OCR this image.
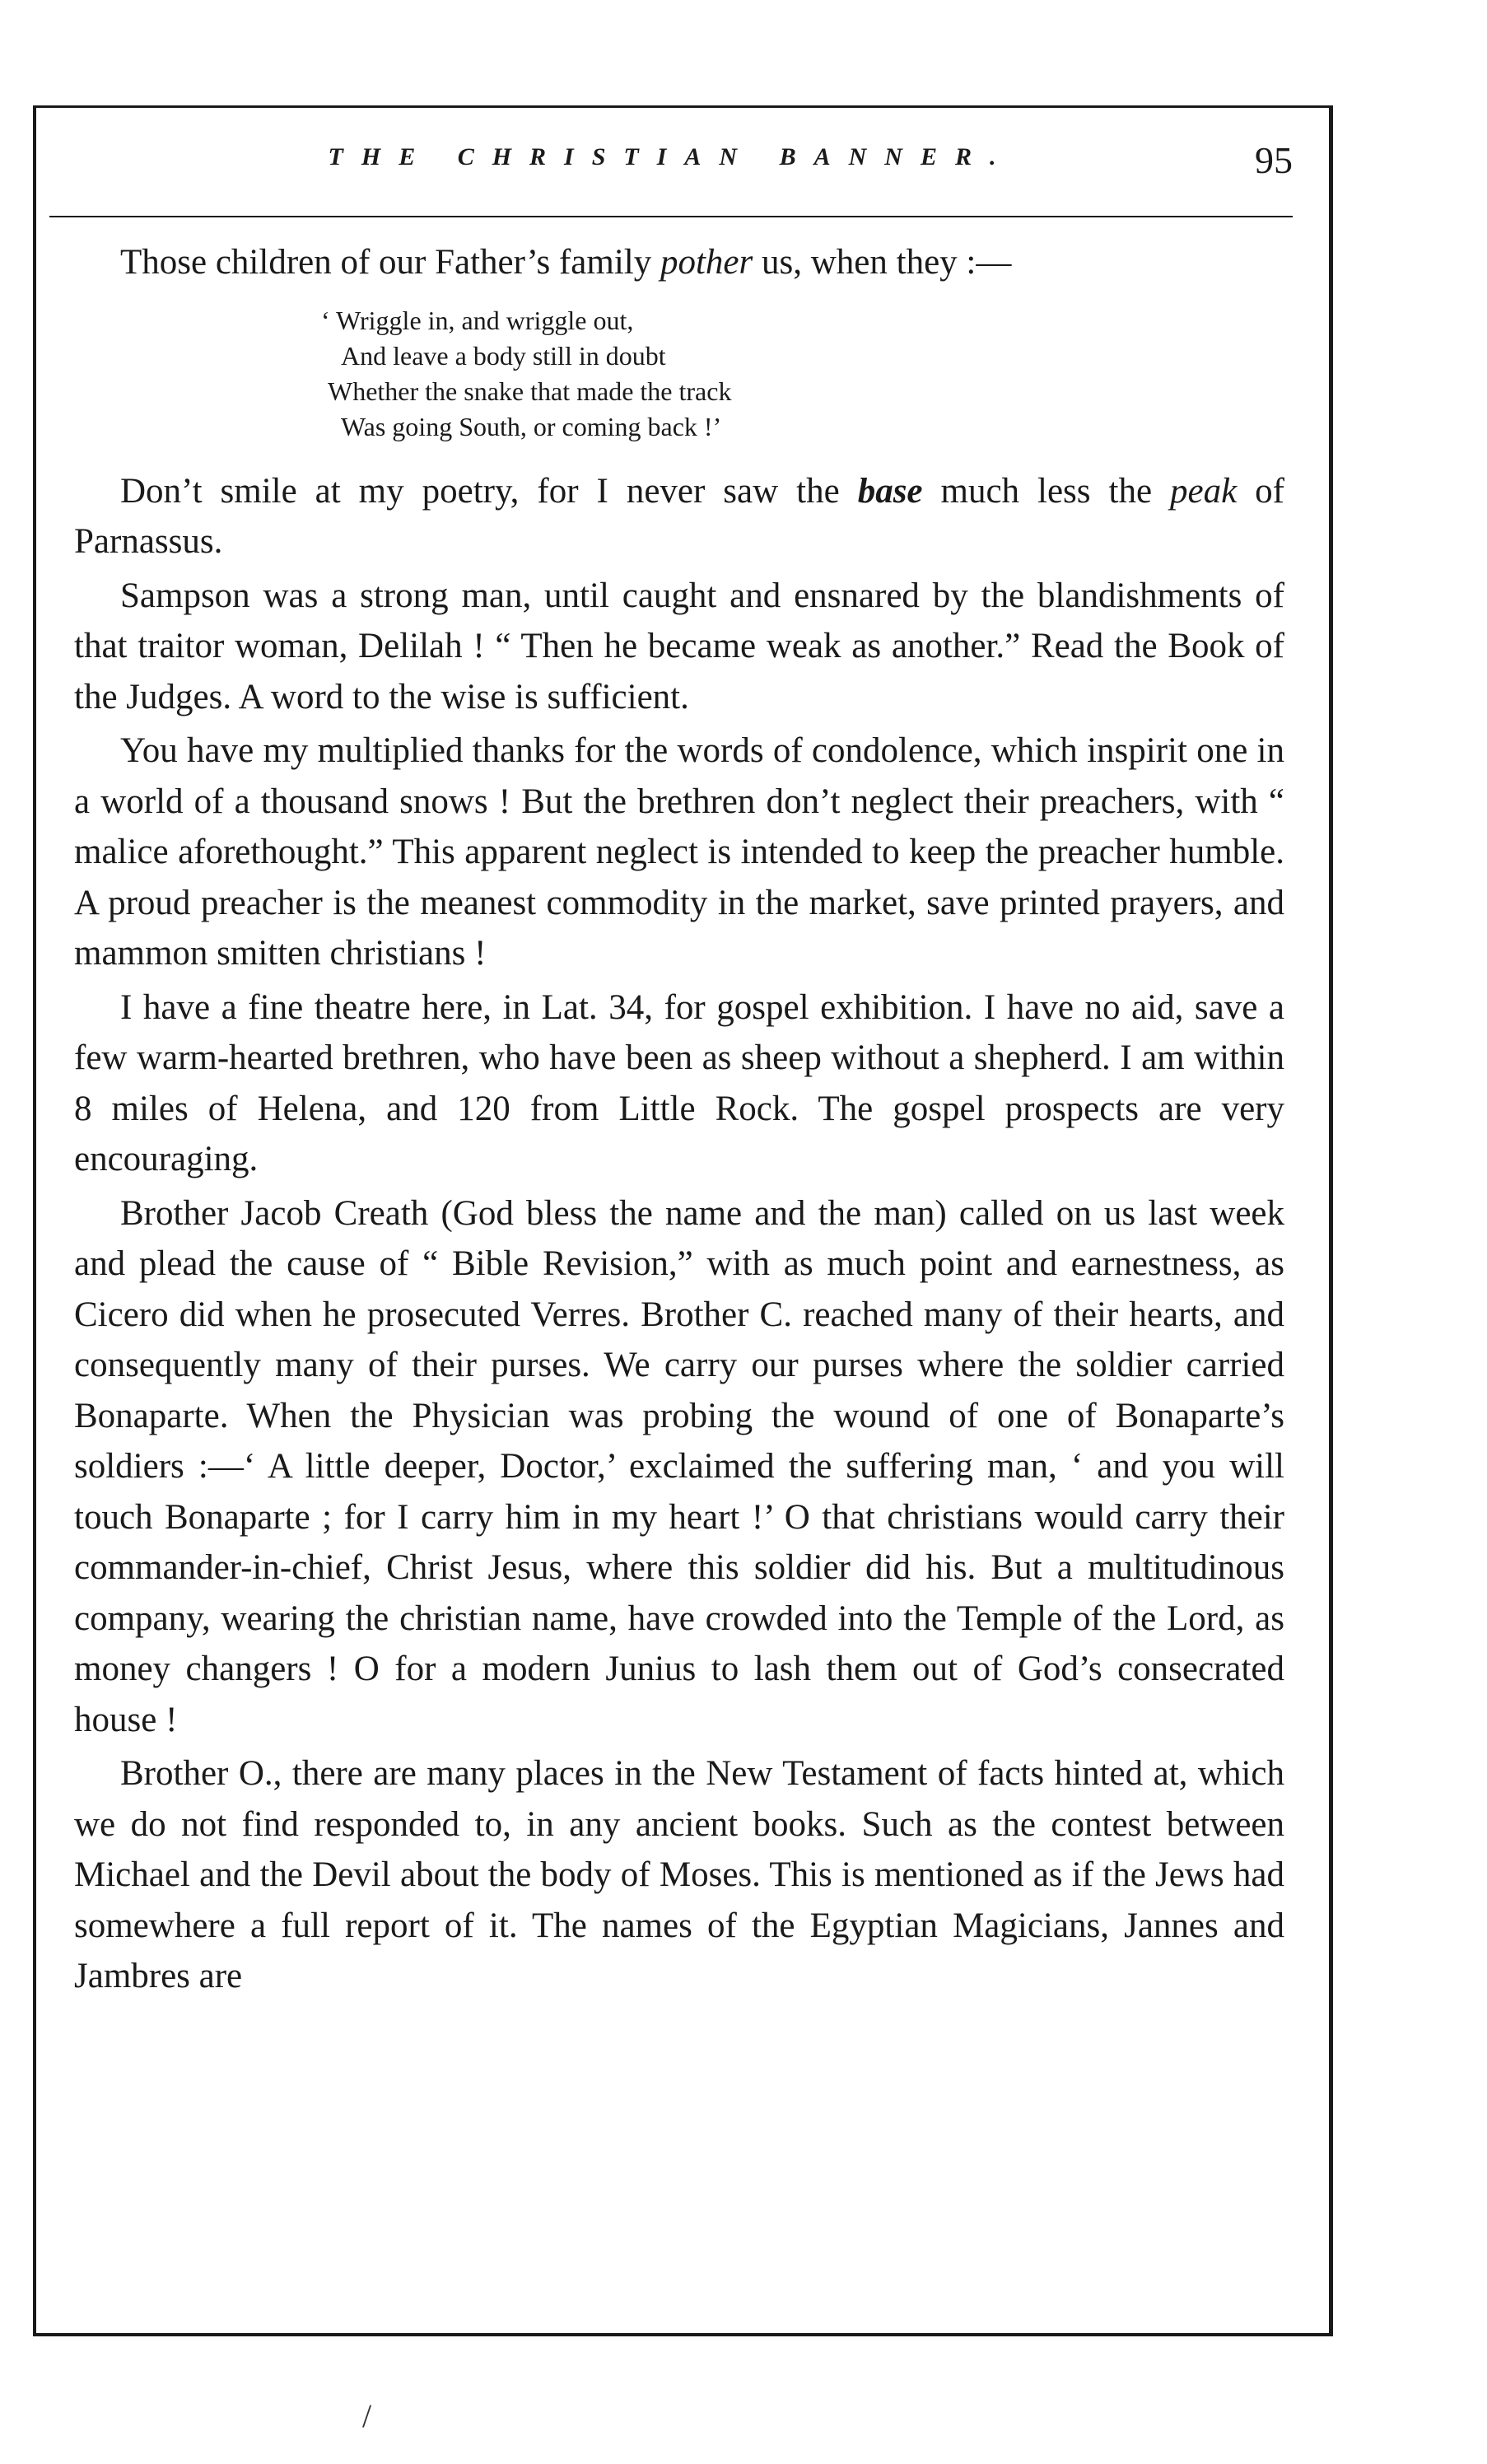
THE CHRISTIAN BANNER.	95

Those children of our Father’s family pother us, when they :—

‘ Wriggle in, and wriggle out,
And leave a body still in doubt
Whether the snake that made the track
Was going South, or coming back !’

Don’t smile at my poetry, for I never saw the base much less the peak of Parnassus.

Sampson was a strong man, until caught and ensnared by the blandishments of that traitor woman, Delilah ! “ Then he became weak as another.” Read the Book of the Judges. A word to the wise is sufficient.

You have my multiplied thanks for the words of condolence, which inspirit one in a world of a thousand snows ! But the brethren don’t neglect their preachers, with “ malice aforethought.” This apparent neglect is intended to keep the preacher humble. A proud preacher is the meanest commodity in the market, save printed prayers, and mammon smitten christians !

I have a fine theatre here, in Lat. 34, for gospel exhibition. I have no aid, save a few warm-hearted brethren, who have been as sheep without a shepherd. I am within 8 miles of Helena, and 120 from Little Rock. The gospel prospects are very encouraging.

Brother Jacob Creath (God bless the name and the man) called on us last week and plead the cause of “ Bible Revision,” with as much point and earnestness, as Cicero did when he prosecuted Verres. Brother C. reached many of their hearts, and consequently many of their purses. We carry our purses where the soldier carried Bonaparte. When the Physician was probing the wound of one of Bonaparte’s soldiers :—‘ A little deeper, Doctor,’ exclaimed the suffering man, ‘ and you will touch Bonaparte ; for I carry him in my heart !’ O that christians would carry their commander-in-chief, Christ Jesus, where this soldier did his. But a multitudinous company, wearing the christian name, have crowded into the Temple of the Lord, as money changers ! O for a modern Junius to lash them out of God’s consecrated house !

Brother O., there are many places in the New Testament of facts hinted at, which we do not find responded to, in any ancient books. Such as the contest between Michael and the Devil about the body of Moses. This is mentioned as if the Jews had somewhere a full report of it. The names of the Egyptian Magicians, Jannes and Jambres are

/
